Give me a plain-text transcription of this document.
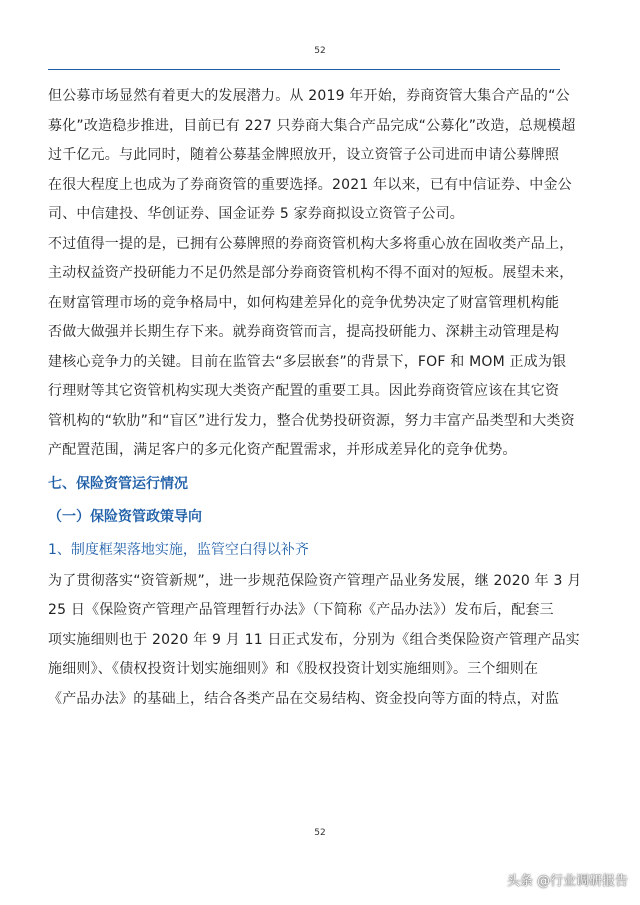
52

但公募市场显然有着更大的发展潜力。从 2019 年开始，券商资管大集合产品的“公

募化”改造稳步推进，目前已有 227 只券商大集合产品完成“公募化”改造，总规模超

过千亿元。与此同时，随着公募基金牌照放开，设立资管子公司进而申请公募牌照

在很大程度上也成为了券商资管的重要选择。2021 年以来，已有中信证券、中金公

司、中信建投、华创证券、国金证券 5 家券商拟设立资管子公司。

不过值得一提的是，已拥有公募牌照的券商资管机构大多将重心放在固收类产品上，

主动权益资产投研能力不足仍然是部分券商资管机构不得不面对的短板。展望未来，

在财富管理市场的竞争格局中，如何构建差异化的竞争优势决定了财富管理机构能

否做大做强并长期生存下来。就券商资管而言，提高投研能力、深耕主动管理是构

建核心竞争力的关键。目前在监管去“多层嵌套”的背景下，FOF 和 MOM 正成为银

行理财等其它资管机构实现大类资产配置的重要工具。因此券商资管应该在其它资

管机构的“软肋”和“盲区”进行发力，整合优势投研资源，努力丰富产品类型和大类资

产配置范围，满足客户的多元化资产配置需求，并形成差异化的竞争优势。

七、保险资管运行情况
（一）保险资管政策导向
1、制度框架落地实施，监管空白得以补齐

为了贯彻落实“资管新规”，进一步规范保险资产管理产品业务发展，继 2020 年 3 月

25 日《保险资产管理产品管理暂行办法》（下简称《产品办法》）发布后，配套三

项实施细则也于 2020 年 9 月 11 日正式发布，分别为《组合类保险资产管理产品实

施细则》、《债权投资计划实施细则》和《股权投资计划实施细则》。三个细则在

《产品办法》的基础上，结合各类产品在交易结构、资金投向等方面的特点，对监

52
头条 @行业调研报告
